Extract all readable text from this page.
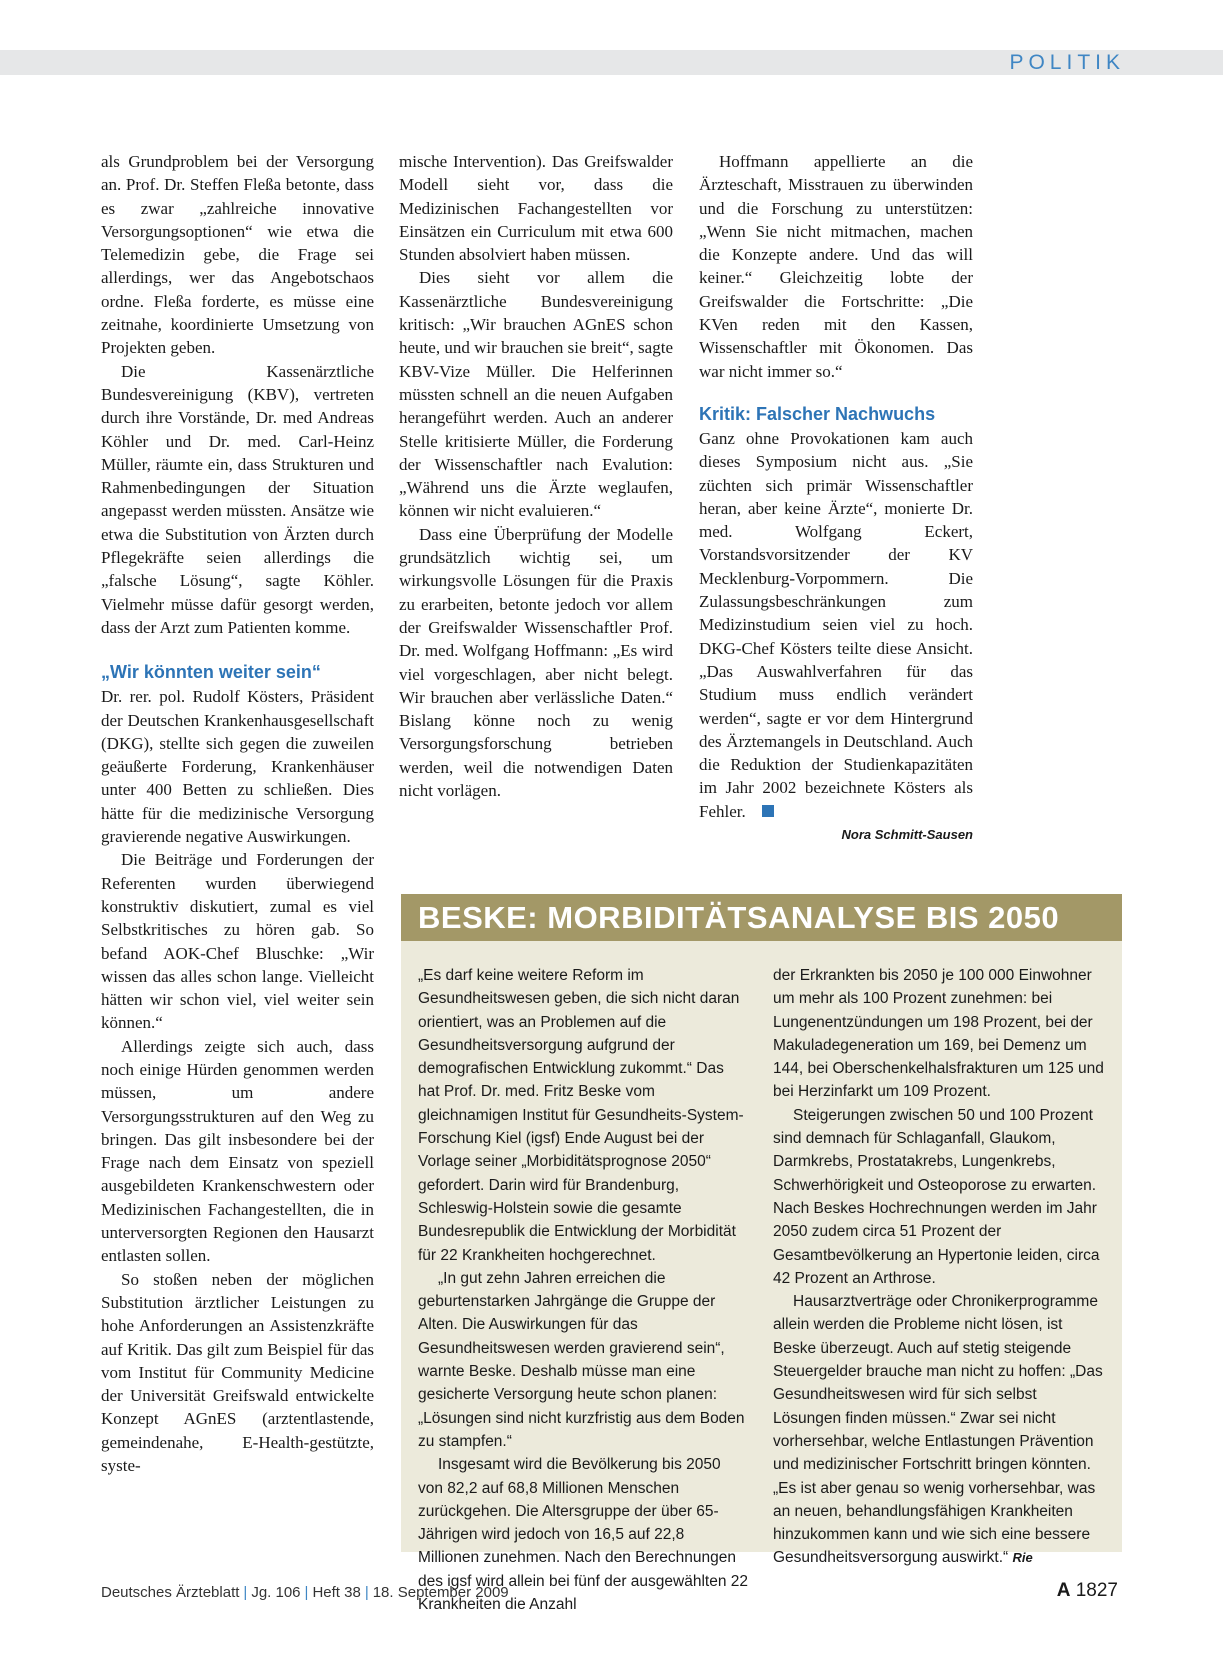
POLITIK

als Grundproblem bei der Versorgung an. Prof. Dr. Steffen Fleßa betonte, dass es zwar „zahlreiche innovative Versorgungsoptionen“ wie etwa die Telemedizin gebe, die Frage sei allerdings, wer das Angebotschaos ordne. Fleßa forderte, es müsse eine zeitnahe, koordinierte Umsetzung von Projekten geben.

Die Kassenärztliche Bundesvereinigung (KBV), vertreten durch ihre Vorstände, Dr. med Andreas Köhler und Dr. med. Carl-Heinz Müller, räumte ein, dass Strukturen und Rahmenbedingungen der Situation angepasst werden müssten. Ansätze wie etwa die Substitution von Ärzten durch Pflegekräfte seien allerdings die „falsche Lösung“, sagte Köhler. Vielmehr müsse dafür gesorgt werden, dass der Arzt zum Patienten komme.

„Wir könnten weiter sein“

Dr. rer. pol. Rudolf Kösters, Präsident der Deutschen Krankenhausgesellschaft (DKG), stellte sich gegen die zuweilen geäußerte Forderung, Krankenhäuser unter 400 Betten zu schließen. Dies hätte für die medizinische Versorgung gravierende negative Auswirkungen.

Die Beiträge und Forderungen der Referenten wurden überwiegend konstruktiv diskutiert, zumal es viel Selbstkritisches zu hören gab. So befand AOK-Chef Bluschke: „Wir wissen das alles schon lange. Vielleicht hätten wir schon viel, viel weiter sein können.“

Allerdings zeigte sich auch, dass noch einige Hürden genommen werden müssen, um andere Versorgungsstrukturen auf den Weg zu bringen. Das gilt insbesondere bei der Frage nach dem Einsatz von speziell ausgebildeten Krankenschwestern oder Medizinischen Fachangestellten, die in unterversorgten Regionen den Hausarzt entlasten sollen.

So stoßen neben der möglichen Substitution ärztlicher Leistungen zu hohe Anforderungen an Assistenzkräfte auf Kritik. Das gilt zum Beispiel für das vom Institut für Community Medicine der Universität Greifswald entwickelte Konzept AGnES (arztentlastende, gemeindenahe, E-Health-gestützte, syste-

mische Intervention). Das Greifswalder Modell sieht vor, dass die Medizinischen Fachangestellten vor Einsätzen ein Curriculum mit etwa 600 Stunden absolviert haben müssen.

Dies sieht vor allem die Kassenärztliche Bundesvereinigung kritisch: „Wir brauchen AGnES schon heute, und wir brauchen sie breit“, sagte KBV-Vize Müller. Die Helferinnen müssten schnell an die neuen Aufgaben herangeführt werden. Auch an anderer Stelle kritisierte Müller, die Forderung der Wissenschaftler nach Evalution: „Während uns die Ärzte weglaufen, können wir nicht evaluieren.“

Dass eine Überprüfung der Modelle grundsätzlich wichtig sei, um wirkungsvolle Lösungen für die Praxis zu erarbeiten, betonte jedoch vor allem der Greifswalder Wissenschaftler Prof. Dr. med. Wolfgang Hoffmann: „Es wird viel vorgeschlagen, aber nicht belegt. Wir brauchen aber verlässliche Daten.“ Bislang könne noch zu wenig Versorgungsforschung betrieben werden, weil die notwendigen Daten nicht vorlägen.

Hoffmann appellierte an die Ärzteschaft, Misstrauen zu überwinden und die Forschung zu unterstützen: „Wenn Sie nicht mitmachen, machen die Konzepte andere. Und das will keiner.“ Gleichzeitig lobte der Greifswalder die Fortschritte: „Die KVen reden mit den Kassen, Wissenschaftler mit Ökonomen. Das war nicht immer so.“

Kritik: Falscher Nachwuchs

Ganz ohne Provokationen kam auch dieses Symposium nicht aus. „Sie züchten sich primär Wissenschaftler heran, aber keine Ärzte“, monierte Dr. med. Wolfgang Eckert, Vorstandsvorsitzender der KV Mecklenburg-Vorpommern. Die Zulassungsbeschränkungen zum Medizinstudium seien viel zu hoch. DKG-Chef Kösters teilte diese Ansicht. „Das Auswahlverfahren für das Studium muss endlich verändert werden“, sagte er vor dem Hintergrund des Ärztemangels in Deutschland. Auch die Reduktion der Studienkapazitäten im Jahr 2002 bezeichnete Kösters als Fehler.

Nora Schmitt-Sausen
BESKE: MORBIDITÄTSANALYSE BIS 2050

„Es darf keine weitere Reform im Gesundheitswesen geben, die sich nicht daran orientiert, was an Problemen auf die Gesundheitsversorgung aufgrund der demografischen Entwicklung zukommt.“ Das hat Prof. Dr. med. Fritz Beske vom gleichnamigen Institut für Gesundheits-System-Forschung Kiel (igsf) Ende August bei der Vorlage seiner „Morbiditätsprognose 2050“ gefordert. Darin wird für Brandenburg, Schleswig-Holstein sowie die gesamte Bundesrepublik die Entwicklung der Morbidität für 22 Krankheiten hochgerechnet.

„In gut zehn Jahren erreichen die geburtenstarken Jahrgänge die Gruppe der Alten. Die Auswirkungen für das Gesundheitswesen werden gravierend sein“, warnte Beske. Deshalb müsse man eine gesicherte Versorgung heute schon planen: „Lösungen sind nicht kurzfristig aus dem Boden zu stampfen.“

Insgesamt wird die Bevölkerung bis 2050 von 82,2 auf 68,8 Millionen Menschen zurückgehen. Die Altersgruppe der über 65-Jährigen wird jedoch von 16,5 auf 22,8 Millionen zunehmen. Nach den Berechnungen des igsf wird allein bei fünf der ausgewählten 22 Krankheiten die Anzahl

der Erkrankten bis 2050 je 100 000 Einwohner um mehr als 100 Prozent zunehmen: bei Lungenentzündungen um 198 Prozent, bei der Makuladegeneration um 169, bei Demenz um 144, bei Oberschenkelhalsfrakturen um 125 und bei Herzinfarkt um 109 Prozent.

Steigerungen zwischen 50 und 100 Prozent sind demnach für Schlaganfall, Glaukom, Darmkrebs, Prostatakrebs, Lungenkrebs, Schwerhörigkeit und Osteoporose zu erwarten. Nach Beskes Hochrechnungen werden im Jahr 2050 zudem circa 51 Prozent der Gesamtbevölkerung an Hypertonie leiden, circa 42 Prozent an Arthrose.

Hausarztverträge oder Chronikerprogramme allein werden die Probleme nicht lösen, ist Beske überzeugt. Auch auf stetig steigende Steuergelder brauche man nicht zu hoffen: „Das Gesundheitswesen wird für sich selbst Lösungen finden müssen.“ Zwar sei nicht vorhersehbar, welche Entlastungen Prävention und medizinischer Fortschritt bringen könnten. „Es ist aber genau so wenig vorhersehbar, was an neuen, behandlungsfähigen Krankheiten hinzukommen kann und wie sich eine bessere Gesundheitsversorgung auswirkt.“ Rie

Deutsches Ärzteblatt | Jg. 106 | Heft 38 | 18. September 2009	A 1827
